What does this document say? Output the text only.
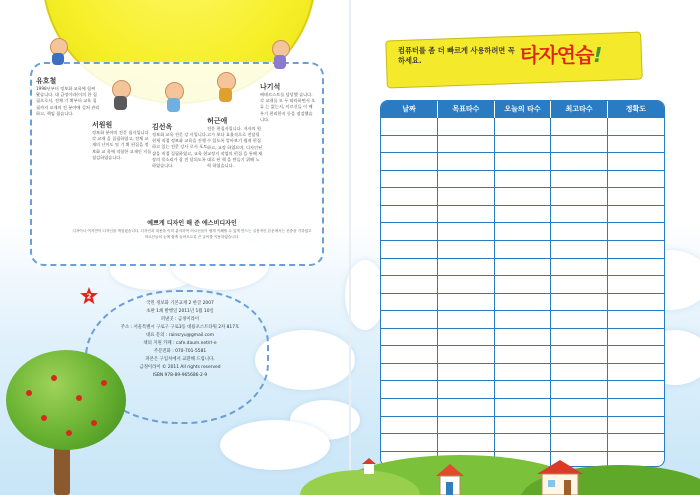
유호철
1998년부터 정보화 교육에 힘써 왔습니다. 대 금정이라(이의 한 집필으로서, 전체 기 획부터 교육 집필까지 교재의 전 분야에 걸쳐 관리하고, 책임 졌습니다.
서원원
정보화 분야의 전문 필자입니다 각 교재 을 집필하였고, 전체 교재의 난이도 및 기 획 편집을 정보화 교 육에 적합한 교재인 지를 점검하였습니다.
김선옥
정보화 교육 전문 강 사입니다. 현재 직접 정보화 교육을 진행 하고 있는 전문 강사 로서 포토샵을 직접 집필하였고, 교육 현 장의 목소리가 잘 전 달되도록 하였습니다.
허근애
전문 편집자입니다. 저자의 원고가 보다 효율적으로 전달될 수 있도록 알아보기 쉽게 편집하고, 교정 하였으며, 디자인된 교정지 작업의 편집 을 통해 재대로 된 책 을 만들기 위해 노력 하였습니다.
나기석
베테르스트를 담당했 습니다. 각 교재를 모 두 따라하면서 오류 는 없는지, 이르신들 이 배우기 편리한지 등을 점검했습니다.
예쁘게 디자인 해 준 에스비디자인
디자이너 여지연이 디자인을 책임졌습니다. 디자인과 내용을 이미 분석하여 어르신들이 쉽게 이해할 수 있게 만드는 실용적인 본문에서는 신중을 기하였고 어르신들의 눈에 쉽게 들어오도록 큰 글씨를 이용하였습니다.
2
국민 정보화 기본교재 2 한글 2007
초판 1쇄 발행일 2011년 1월 10일
펴낸곳 : 금정이라이
주소 : 서울특별시 구로구 구로3동 대륭포스트타워 2차 817호
대표 문의 : rainsryu@gmail.com
책의 지원 카페 : cafe.daum.net/rl-e
주문전화 : 070-701-5581
파본은 구입처에서 교환해 드립니다.
금정이라이 © 2011 All rights reserved
ISBN 978-89-965686-2-9
컴퓨터를 좀 더 빠르게 사용하려면 꼭 하세요.	타자연습!
날짜	목표타수	오늘의 타수	최고타수	정확도
